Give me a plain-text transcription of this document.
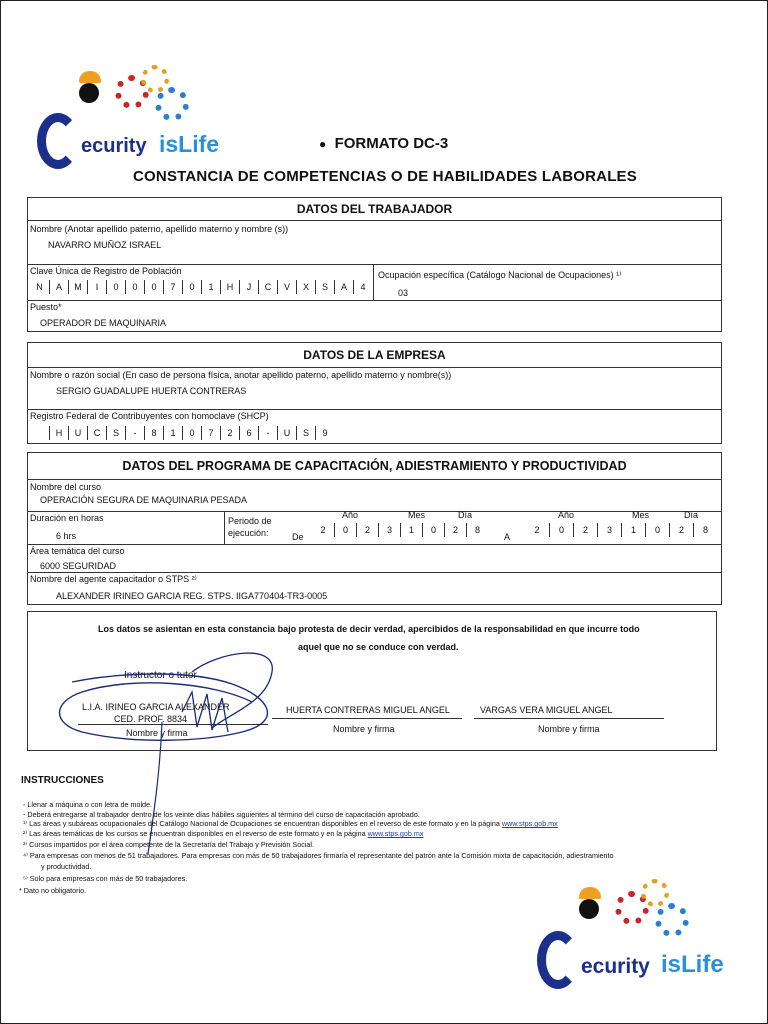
ecurity isLife	● FORMATO DC-3
CONSTANCIA DE COMPETENCIAS O DE HABILIDADES LABORALES
DATOS DEL TRABAJADOR
Nombre (Anotar apellido paterno, apellido materno y nombre (s))
NAVARRO MUÑOZ ISRAEL
Clave Única de Registro de Población
N	A	M	I	0	0	0	7	0	1	H	J	C	V	X	S	A	4
Ocupación específica (Catálogo Nacional de Ocupaciones) ¹⁾
03
Puesto*
OPERADOR DE MAQUINARIA
DATOS DE LA EMPRESA
Nombre o razón social (En caso de persona física, anotar apellido paterno, apellido materno y nombre(s))
SERGIO GUADALUPE HUERTA CONTRERAS
Registro Federal de Contribuyentes con homoclave (SHCP)
H	U	C	S	-	8	1	0	7	2	6	-	U	S	9
DATOS DEL PROGRAMA DE CAPACITACIÓN, ADIESTRAMIENTO Y PRODUCTIVIDAD
Nombre del curso
OPERACIÓN SEGURA DE MAQUINARIA PESADA
Duración en horas
6 hrs
Periodo de
ejecución:	De
Año	Mes	Día
2	0	2	3	1	0	2	8
A
Año	Mes	Día
2	0	2	3	1	0	2	8
Área temática del curso
6000 SEGURIDAD
Nombre del agente capacitador o STPS ²⁾
ALEXANDER IRINEO GARCIA REG. STPS. IIGA770404-TR3-0005
Los datos se asientan en esta constancia bajo protesta de decir verdad, apercibidos de la responsabilidad en que incurre todo
aquel que no se conduce con verdad.
Instructor o tutor
L.I.A. IRINEO GARCIA ALEXANDER
CED. PROF. 8834
Nombre y firma
HUERTA CONTRERAS MIGUEL ANGEL
Nombre y firma
VARGAS VERA MIGUEL ANGEL
Nombre y firma
INSTRUCCIONES
- Llenar a máquina o con letra de molde.
- Deberá entregarse al trabajador dentro de los veinte días hábiles siguientes al término del curso de capacitación aprobado.
¹⁾ Las áreas y subáreas ocupacionales del Catálogo Nacional de Ocupaciones se encuentran disponibles en el reverso de este formato y en la página www.stps.gob.mx
²⁾ Las áreas temáticas de los cursos se encuentran disponibles en el reverso de este formato y en la página www.stps.gob.mx
³⁾ Cursos impartidos por el área competente de la Secretaría del Trabajo y Previsión Social.
⁴⁾ Para empresas con menos de 51 trabajadores. Para empresas con más de 50 trabajadores firmaría el representante del patrón ante la Comisión mixta de capacitación, adiestramiento
y productividad.
⁵⁾ Solo para empresas con más de 50 trabajadores.
* Dato no obligatorio.
ecurity isLife
